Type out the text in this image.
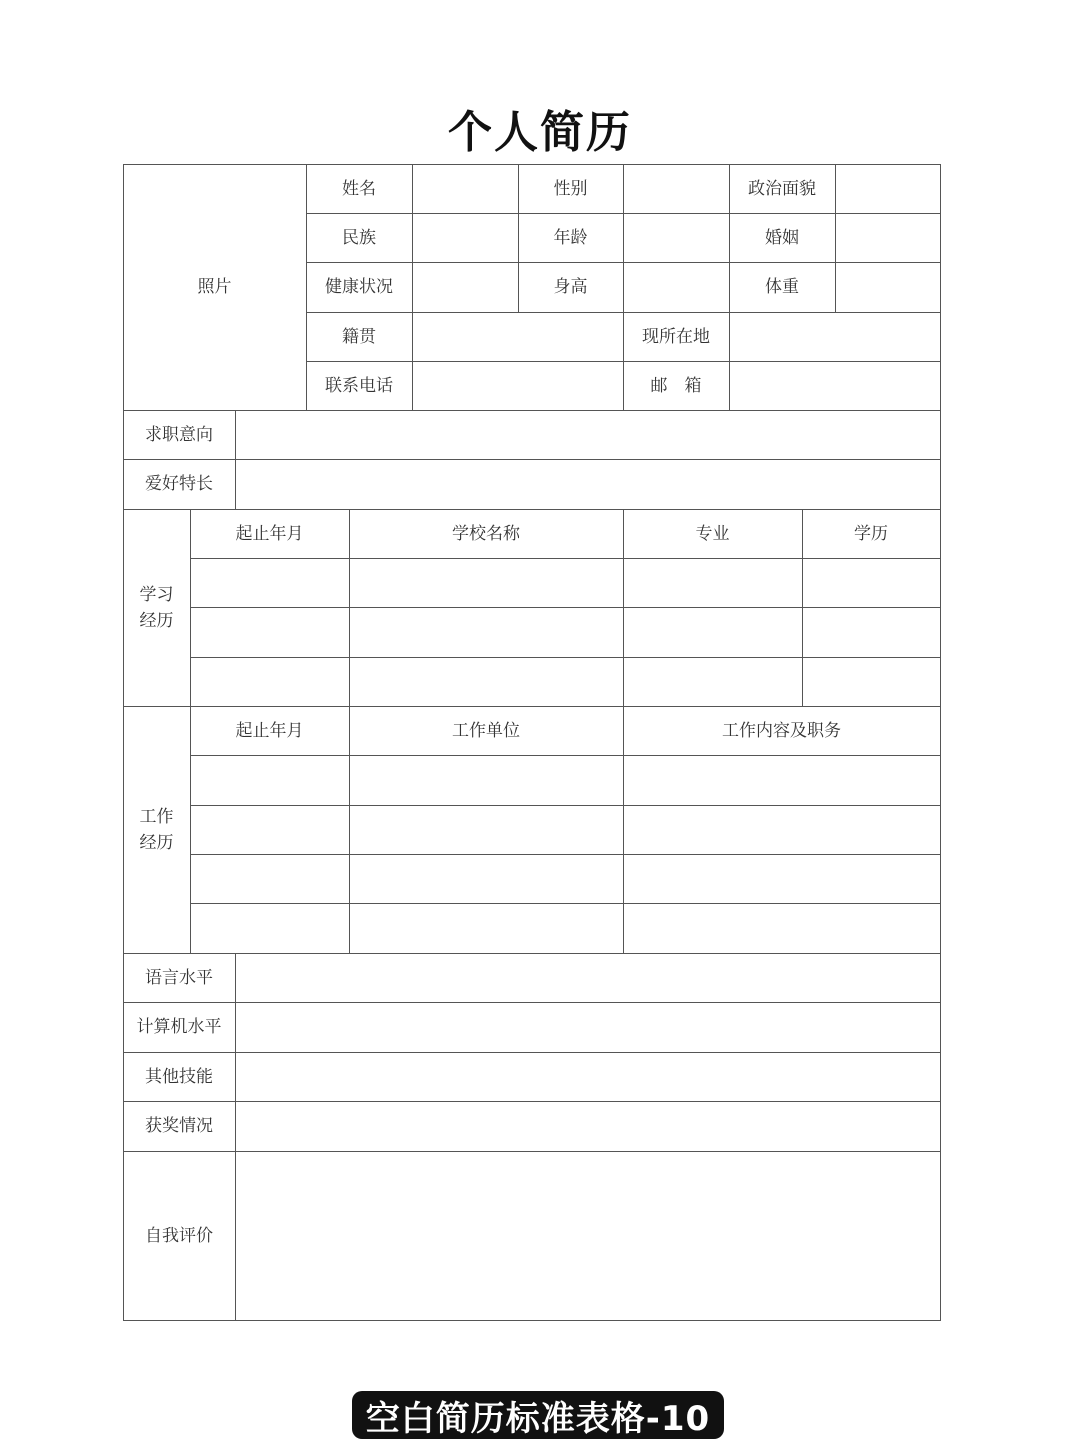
个人简历
照片
姓名	性别	政治面貌
民族	年龄	婚姻
健康状况	身高	体重
籍贯	现所在地
联系电话	邮　箱
求职意向
爱好特长
学习
经历
起止年月	学校名称	专业	学历
工作
经历
起止年月	工作单位	工作内容及职务
语言水平
计算机水平
其他技能
获奖情况
自我评价
空白简历标准表格-10
